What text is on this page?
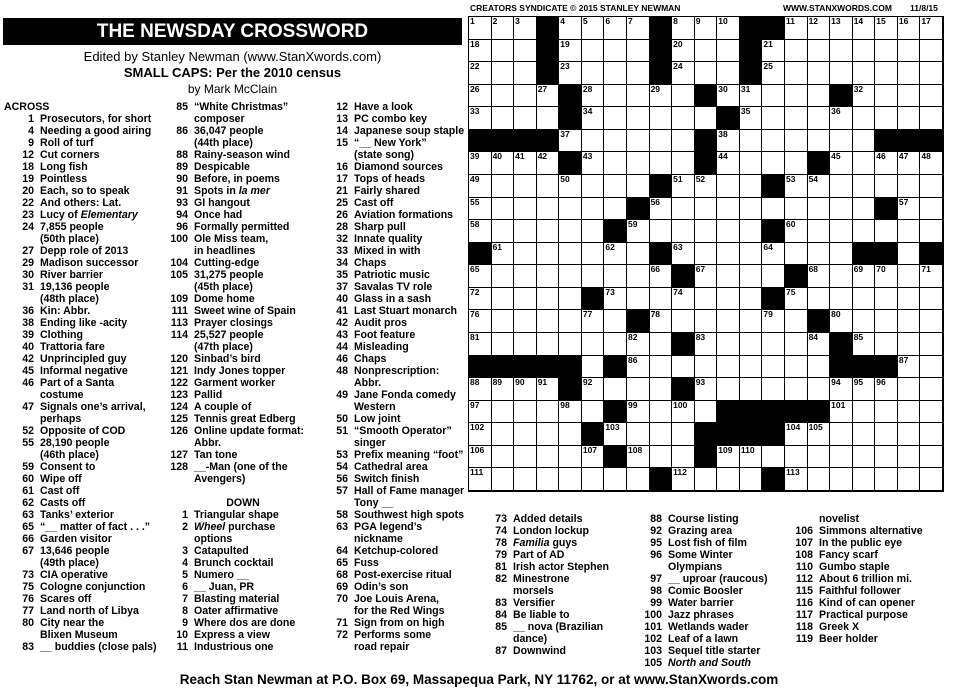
THE NEWSDAY CROSSWORD
Edited by Stanley Newman (www.StanXwords.com)
SMALL CAPS: Per the 2010 census
by Mark McClain
CREATORS SYNDICATE © 2015 STANLEY NEWMAN	WWW.STANXWORDS.COM 11/8/15
1 2 3	4 5 6 7	8 9 10	11 12 13 14 15 16 17
18	19	20	21
22	23	24	25
26	27	28	29	30 31	32
33	34	35	36
37	38
39 40 41 42	43	44	45	46 47 48
49	50	51 52	53 54
55	56	57
58	59	60
61	62	63	64
65	66	67	68	69 70	71
72	73	74	75
76	77	78	79	80
81	82	83	84	85
86	87
88 89 90 91	92	93	94 95 96
97	98	99	100	101
102	103	104 105
106	107	108	109 110
111	112	113
ACROSS
1 Prosecutors, for short
4 Needing a good airing
9 Roll of turf
12 Cut corners
18 Long fish
19 Pointless
20 Each, so to speak
22 And others: Lat.
23 Lucy of Elementary
24 7,855 people
(50th place)
27 Depp role of 2013
29 Madison successor
30 River barrier
31 19,136 people
(48th place)
36 Kin: Abbr.
38 Ending like -acity
39 Clothing
40 Trattoria fare
42 Unprincipled guy
45 Informal negative
46 Part of a Santa
costume
47 Signals one’s arrival,
perhaps
52 Opposite of COD
55 28,190 people
(46th place)
59 Consent to
60 Wipe off
61 Cast off
62 Casts off
63 Tanks’ exterior
65 “__ matter of fact . . .”
66 Garden visitor
67 13,646 people
(49th place)
73 CIA operative
75 Cologne conjunction
76 Scares off
77 Land north of Libya
80 City near the
Blixen Museum
83 __ buddies (close pals)
85 “White Christmas”
composer
86 36,047 people
(44th place)
88 Rainy-season wind
89 Despicable
90 Before, in poems
91 Spots in la mer
93 GI hangout
94 Once had
96 Formally permitted
100 Ole Miss team,
in headlines
104 Cutting-edge
105 31,275 people
(45th place)
109 Dome home
111 Sweet wine of Spain
113 Prayer closings
114 25,527 people
(47th place)
120 Sinbad’s bird
121 Indy Jones topper
122 Garment worker
123 Pallid
124 A couple of
125 Tennis great Edberg
126 Online update format:
Abbr.
127 Tan tone
128 __-Man (one of the
Avengers)
DOWN
1 Triangular shape
2 Wheel purchase
options
3 Catapulted
4 Brunch cocktail
5 Numero __
6 __ Juan, PR
7 Blasting material
8 Oater affirmative
9 Where dos are done
10 Express a view
11 Industrious one
12 Have a look
13 PC combo key
14 Japanese soup staple
15 “__ New York”
(state song)
16 Diamond sources
17 Tops of heads
21 Fairly shared
25 Cast off
26 Aviation formations
28 Sharp pull
32 Innate quality
33 Mixed in with
34 Chaps
35 Patriotic music
37 Savalas TV role
40 Glass in a sash
41 Last Stuart monarch
42 Audit pros
43 Foot feature
44 Misleading
46 Chaps
48 Nonprescription:
Abbr.
49 Jane Fonda comedy
Western
50 Low joint
51 “Smooth Operator”
singer
53 Prefix meaning “foot”
54 Cathedral area
56 Switch finish
57 Hall of Fame manager
Tony __
58 Southwest high spots
63 PGA legend’s
nickname
64 Ketchup-colored
65 Fuss
68 Post-exercise ritual
69 Odin’s son
70 Joe Louis Arena,
for the Red Wings
71 Sign from on high
72 Performs some
road repair
73 Added details
74 London lockup
78 Familia guys
79 Part of AD
81 Irish actor Stephen
82 Minestrone
morsels
83 Versifier
84 Be liable to
85 __ nova (Brazilian
dance)
87 Downwind
88 Course listing
92 Grazing area
95 Lost fish of film
96 Some Winter
Olympians
97 __ uproar (raucous)
98 Comic Boosler
99 Water barrier
100 Jazz phrases
101 Wetlands wader
102 Leaf of a lawn
103 Sequel title starter
105 North and South
novelist
106 Simmons alternative
107 In the public eye
108 Fancy scarf
110 Gumbo staple
112 About 6 trillion mi.
115 Faithful follower
116 Kind of can opener
117 Practical purpose
118 Greek X
119 Beer holder
Reach Stan Newman at P.O. Box 69, Massapequa Park, NY 11762, or at www.StanXwords.com
